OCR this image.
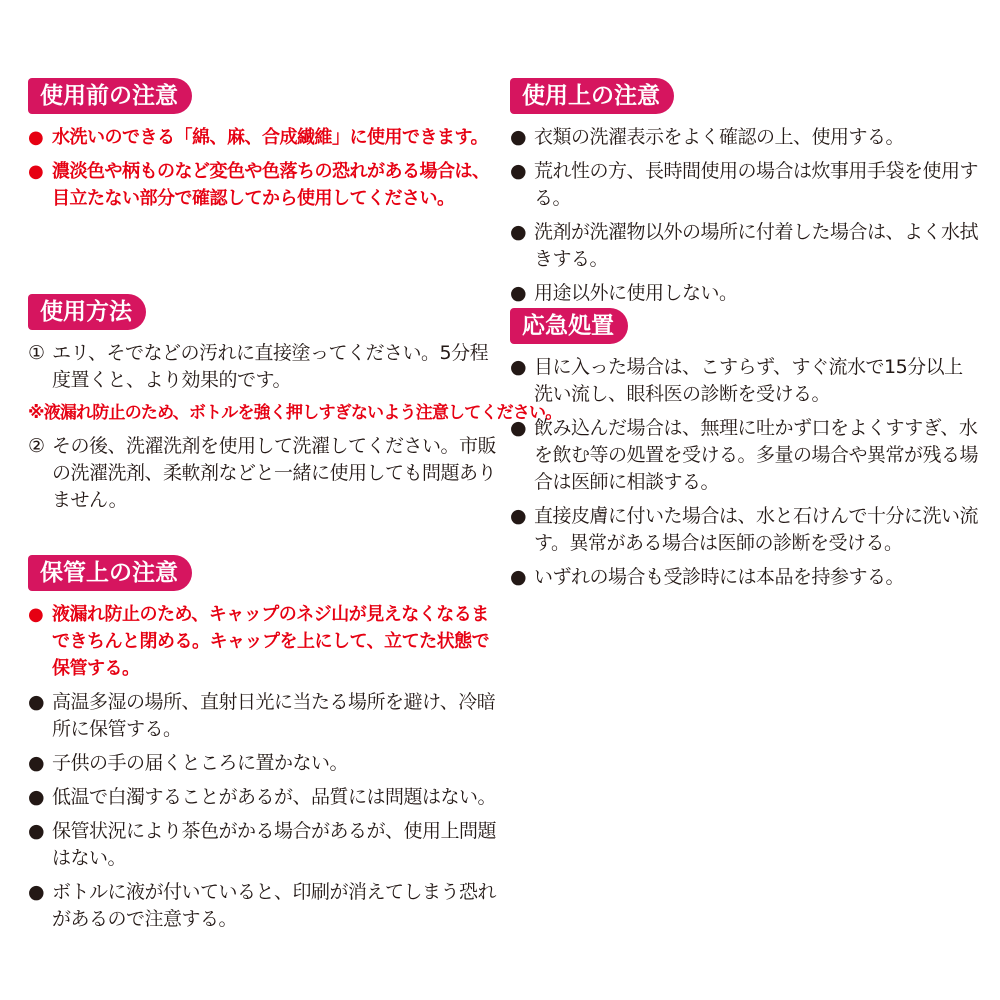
使用前の注意
● 水洗いのできる「綿、麻、合成繊維」に使用できます。
● 濃淡色や柄ものなど変色や色落ちの恐れがある場合は、目立たない部分で確認してから使用してください。
使用方法
① エリ、そでなどの汚れに直接塗ってください。5分程度置くと、より効果的です。
※液漏れ防止のため、ボトルを強く押しすぎないよう注意してください。
② その後、洗濯洗剤を使用して洗濯してください。市販の洗濯洗剤、柔軟剤などと一緒に使用しても問題ありません。
保管上の注意
● 液漏れ防止のため、キャップのネジ山が見えなくなるまできちんと閉める。キャップを上にして、立てた状態で保管する。
● 高温多湿の場所、直射日光に当たる場所を避け、冷暗所に保管する。
● 子供の手の届くところに置かない。
● 低温で白濁することがあるが、品質には問題はない。
● 保管状況により茶色がかる場合があるが、使用上問題はない。
● ボトルに液が付いていると、印刷が消えてしまう恐れがあるので注意する。
使用上の注意
● 衣類の洗濯表示をよく確認の上、使用する。
● 荒れ性の方、長時間使用の場合は炊事用手袋を使用する。
● 洗剤が洗濯物以外の場所に付着した場合は、よく水拭きする。
● 用途以外に使用しない。
応急処置
● 目に入った場合は、こすらず、すぐ流水で15分以上洗い流し、眼科医の診断を受ける。
● 飲み込んだ場合は、無理に吐かず口をよくすすぎ、水を飲む等の処置を受ける。多量の場合や異常が残る場合は医師に相談する。
● 直接皮膚に付いた場合は、水と石けんで十分に洗い流す。異常がある場合は医師の診断を受ける。
● いずれの場合も受診時には本品を持参する。
